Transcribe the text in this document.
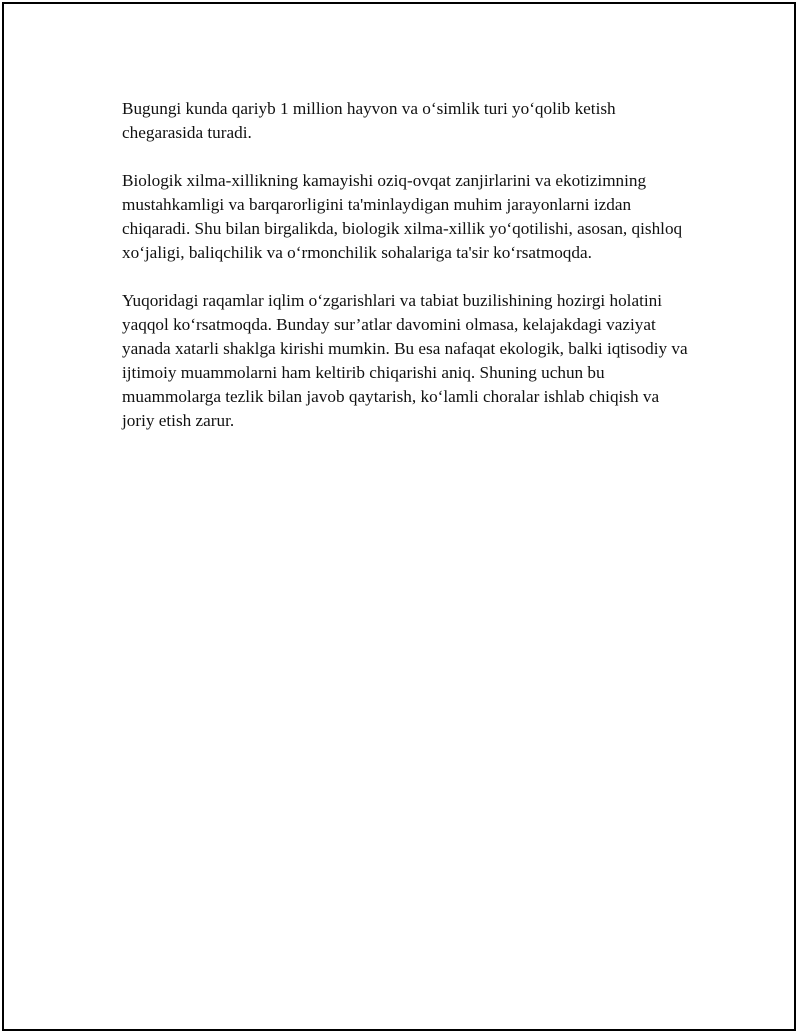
Bugungi kunda qariyb 1 million hayvon va o‘simlik turi yo‘qolib ketish chegarasida turadi.

Biologik xilma-xillikning kamayishi oziq-ovqat zanjirlarini va ekotizimning mustahkamligi va barqarorligini ta'minlaydigan muhim jarayonlarni izdan chiqaradi. Shu bilan birgalikda, biologik xilma-xillik yo‘qotilishi, asosan, qishloq xo‘jaligi, baliqchilik va o‘rmonchilik sohalariga ta'sir ko‘rsatmoqda.

Yuqoridagi raqamlar iqlim o‘zgarishlari va tabiat buzilishining hozirgi holatini yaqqol ko‘rsatmoqda. Bunday sur’atlar davomini olmasa, kelajakdagi vaziyat yanada xatarli shaklga kirishi mumkin. Bu esa nafaqat ekologik, balki iqtisodiy va ijtimoiy muammolarni ham keltirib chiqarishi aniq. Shuning uchun bu muammolarga tezlik bilan javob qaytarish, ko‘lamli choralar ishlab chiqish va joriy etish zarur.
